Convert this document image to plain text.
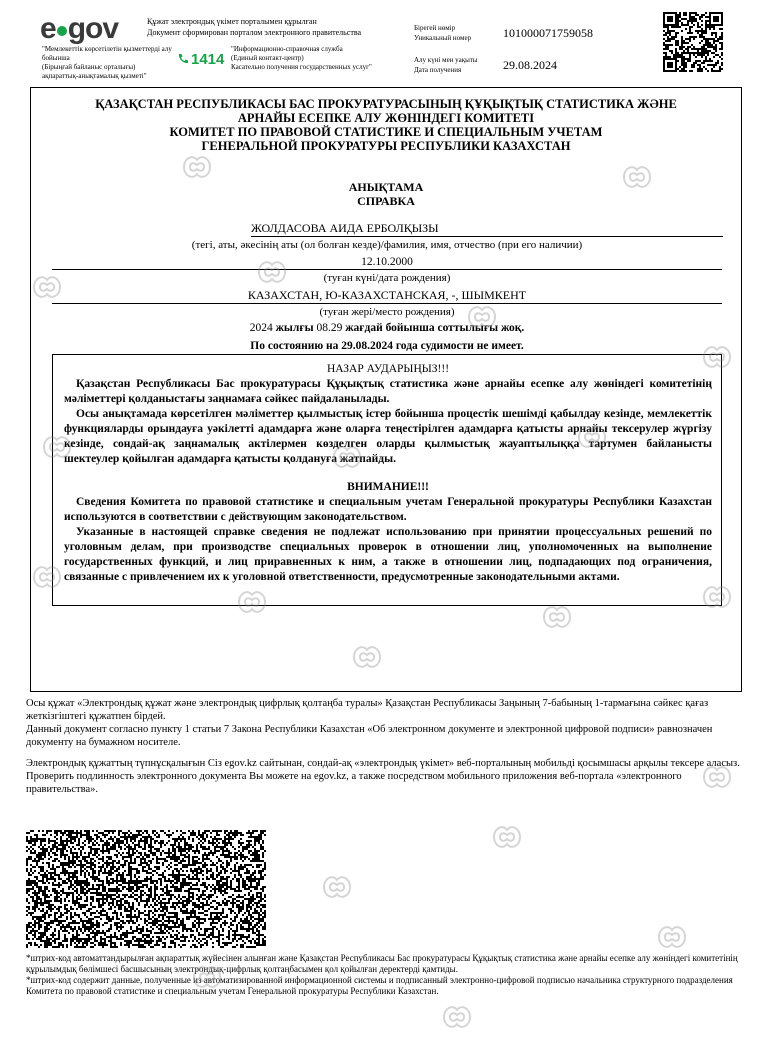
e gov	Құжат электрондық үкімет порталымен құрылған
Документ сформирован порталом электронного правительства
"Мемлекеттік көрсетілетін қызметтерді алу бойынша
(Бірыңғай байланыс орталығы)
ақпараттық-анықтамалық қызметі"
1414
"Информационно-справочная служба
(Единый контакт-центр)
Касательно получения государственных услуг"
Бірегей нөмір
Уникальный номер	101000071759058
Алу күні мен уақыты
Дата получения	29.08.2024
ҚАЗАҚСТАН РЕСПУБЛИКАСЫ БАС ПРОКУРАТУРАСЫНЫҢ ҚҰҚЫҚТЫҚ СТАТИСТИКА ЖӘНЕ
АРНАЙЫ ЕСЕПКЕ АЛУ ЖӨНІНДЕГІ КОМИТЕТІ
КОМИТЕТ ПО ПРАВОВОЙ СТАТИСТИКЕ И СПЕЦИАЛЬНЫМ УЧЕТАМ
ГЕНЕРАЛЬНОЙ ПРОКУРАТУРЫ РЕСПУБЛИКИ КАЗАХСТАН
АНЫҚТАМА
СПРАВКА
ЖОЛДАСОВА АИДА ЕРБОЛҚЫЗЫ
(тегі, аты, әкесінің аты (ол болған кезде)/фамилия, имя, отчество (при его наличии)
12.10.2000
(туған күні/дата рождения)
КАЗАХСТАН, Ю-КАЗАХСТАНСКАЯ, -, ШЫМКЕНТ
(туған жері/место рождения)
2024 жылғы 08.29 жағдай бойынша соттылығы жоқ.
По состоянию на 29.08.2024 года судимости не имеет.
НАЗАР АУДАРЫҢЫЗ!!!
Қазақстан Республикасы Бас прокуратурасы Құқықтық статистика және арнайы есепке алу жөніндегі комитетінің мәліметтері қолданыстағы заңнамаға сәйкес пайдаланылады.
Осы анықтамада көрсетілген мәліметтер қылмыстық істер бойынша процестік шешімді қабылдау кезінде, мемлекеттік функцияларды орындауға уәкілетті адамдарға және оларға теңестірілген адамдарға қатысты арнайы тексерулер жүргізу кезінде, сондай-ақ заңнамалық актілермен көзделген оларды қылмыстық жауаптылыққа тартумен байланысты шектеулер қойылған адамдарға қатысты қолдануға жатпайды.
ВНИМАНИЕ!!!
Сведения Комитета по правовой статистике и специальным учетам Генеральной прокуратуры Республики Казахстан используются в соответствии с действующим законодательством.
Указанные в настоящей справке сведения не подлежат использованию при принятии процессуальных решений по уголовным делам, при производстве специальных проверок в отношении лиц, уполномоченных на выполнение государственных функций, и лиц приравненных к ним, а также в отношении лиц, подпадающих под ограничения, связанные с привлечением их к уголовной ответственности, предусмотренные законодательными актами.
Осы құжат «Электрондық құжат және электрондық цифрлық қолтаңба туралы» Қазақстан Республикасы Заңының 7-бабының 1-тармағына сәйкес қағаз жеткізгіштегі құжатпен бірдей.
Данный документ согласно пункту 1 статьи 7 Закона Республики Казахстан «Об электронном документе и электронной цифровой подписи» равнозначен документу на бумажном носителе.
Электрондық құжаттың түпнұсқалығын Сіз egov.kz сайтынан, сондай-ақ «электрондық үкімет» веб-порталының мобильді қосымшасы арқылы тексере аласыз.
Проверить подлинность электронного документа Вы можете на egov.kz, а также посредством мобильного приложения веб-портала «электронного правительства».
*штрих-код автоматтандырылған ақпараттық жүйесінен алынған және Қазақстан Республикасы Бас прокуратурасы Құқықтық статистика және арнайы есепке алу жөніндегі комитетінің құрылымдық бөлімшесі басшысының электрондық-цифрлық қолтаңбасымен қол қойылған деректерді қамтиды.
*штрих-код содержит данные, полученные из автоматизированной информационной системы и подписанный электронно-цифровой подписью начальника структурного подразделения Комитета по правовой статистике и специальным учетам Генеральной прокуратуры Республики Казахстан.
